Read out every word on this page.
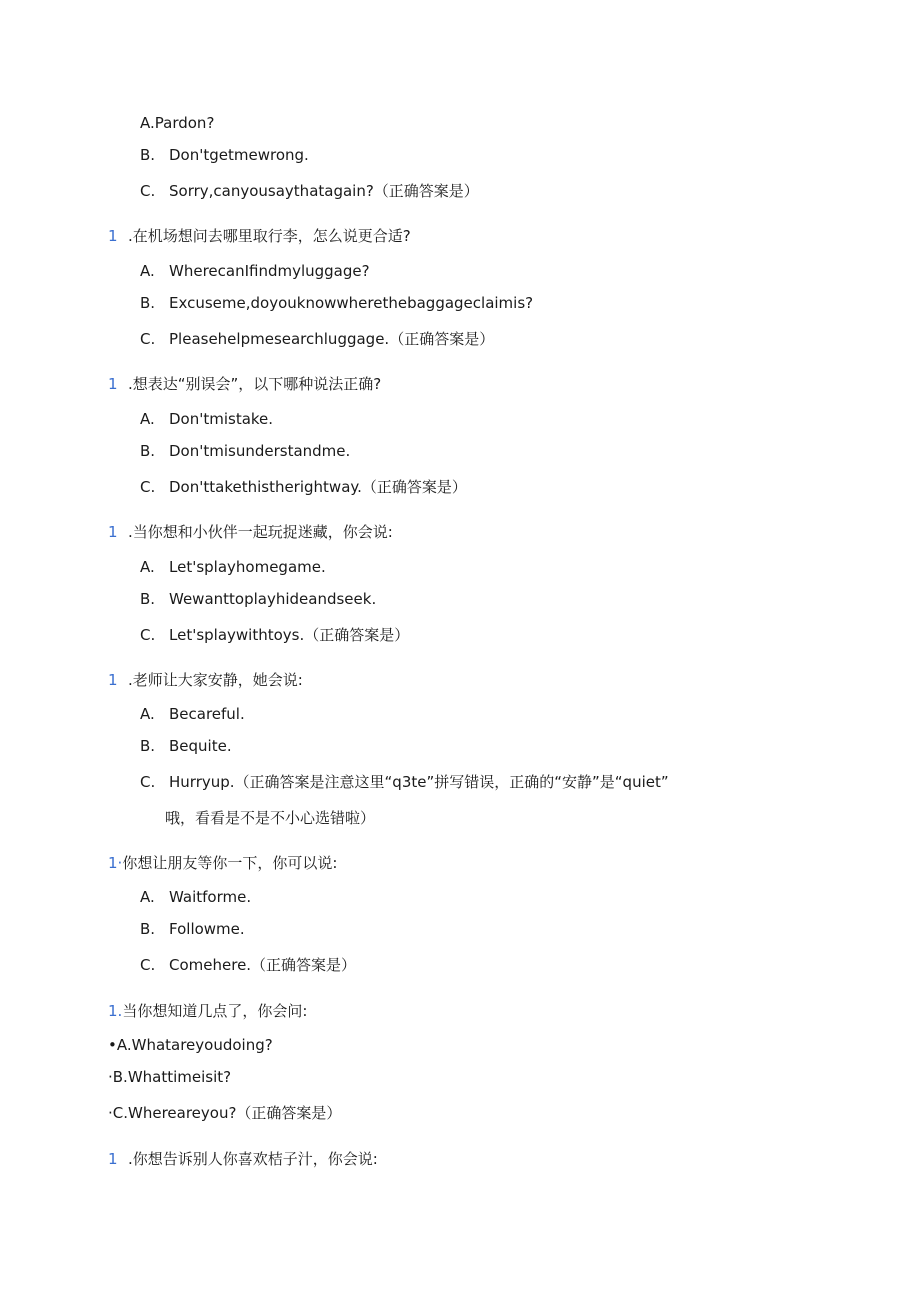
A.Pardon?
B. Don'tgetmewrong.
C. Sorry,canyousaythatagain?（正确答案是）
1 .在机场想问去哪里取行李，怎么说更合适?
A. WherecanIfindmyluggage?
B. Excuseme,doyouknowwherethebaggageclaimis?
C. Pleasehelpmesearchluggage.（正确答案是）
1 .想表达“别误会”，以下哪种说法正确?
A. Don'tmistake.
B. Don'tmisunderstandme.
C. Don'ttakethistherightway.（正确答案是）
1 .当你想和小伙伴一起玩捉迷藏，你会说:
A. Let'splayhomegame.
B. Wewanttoplayhideandseek.
C. Let'splaywithtoys.（正确答案是）
1 .老师让大家安静，她会说:
A. Becareful.
B. Bequite.
C. Hurryup.（正确答案是注意这里“q3te”拼写错误，正确的“安静”是“quiet”
哦，看看是不是不小心选错啦）
1·你想让朋友等你一下，你可以说:
A. Waitforme.
B. Followme.
C. Comehere.（正确答案是）
1.当你想知道几点了，你会问:
•A.Whatareyoudoing?
·B.Whattimeisit?
·C.Whereareyou?（正确答案是）
1 .你想告诉别人你喜欢桔子汁，你会说:
